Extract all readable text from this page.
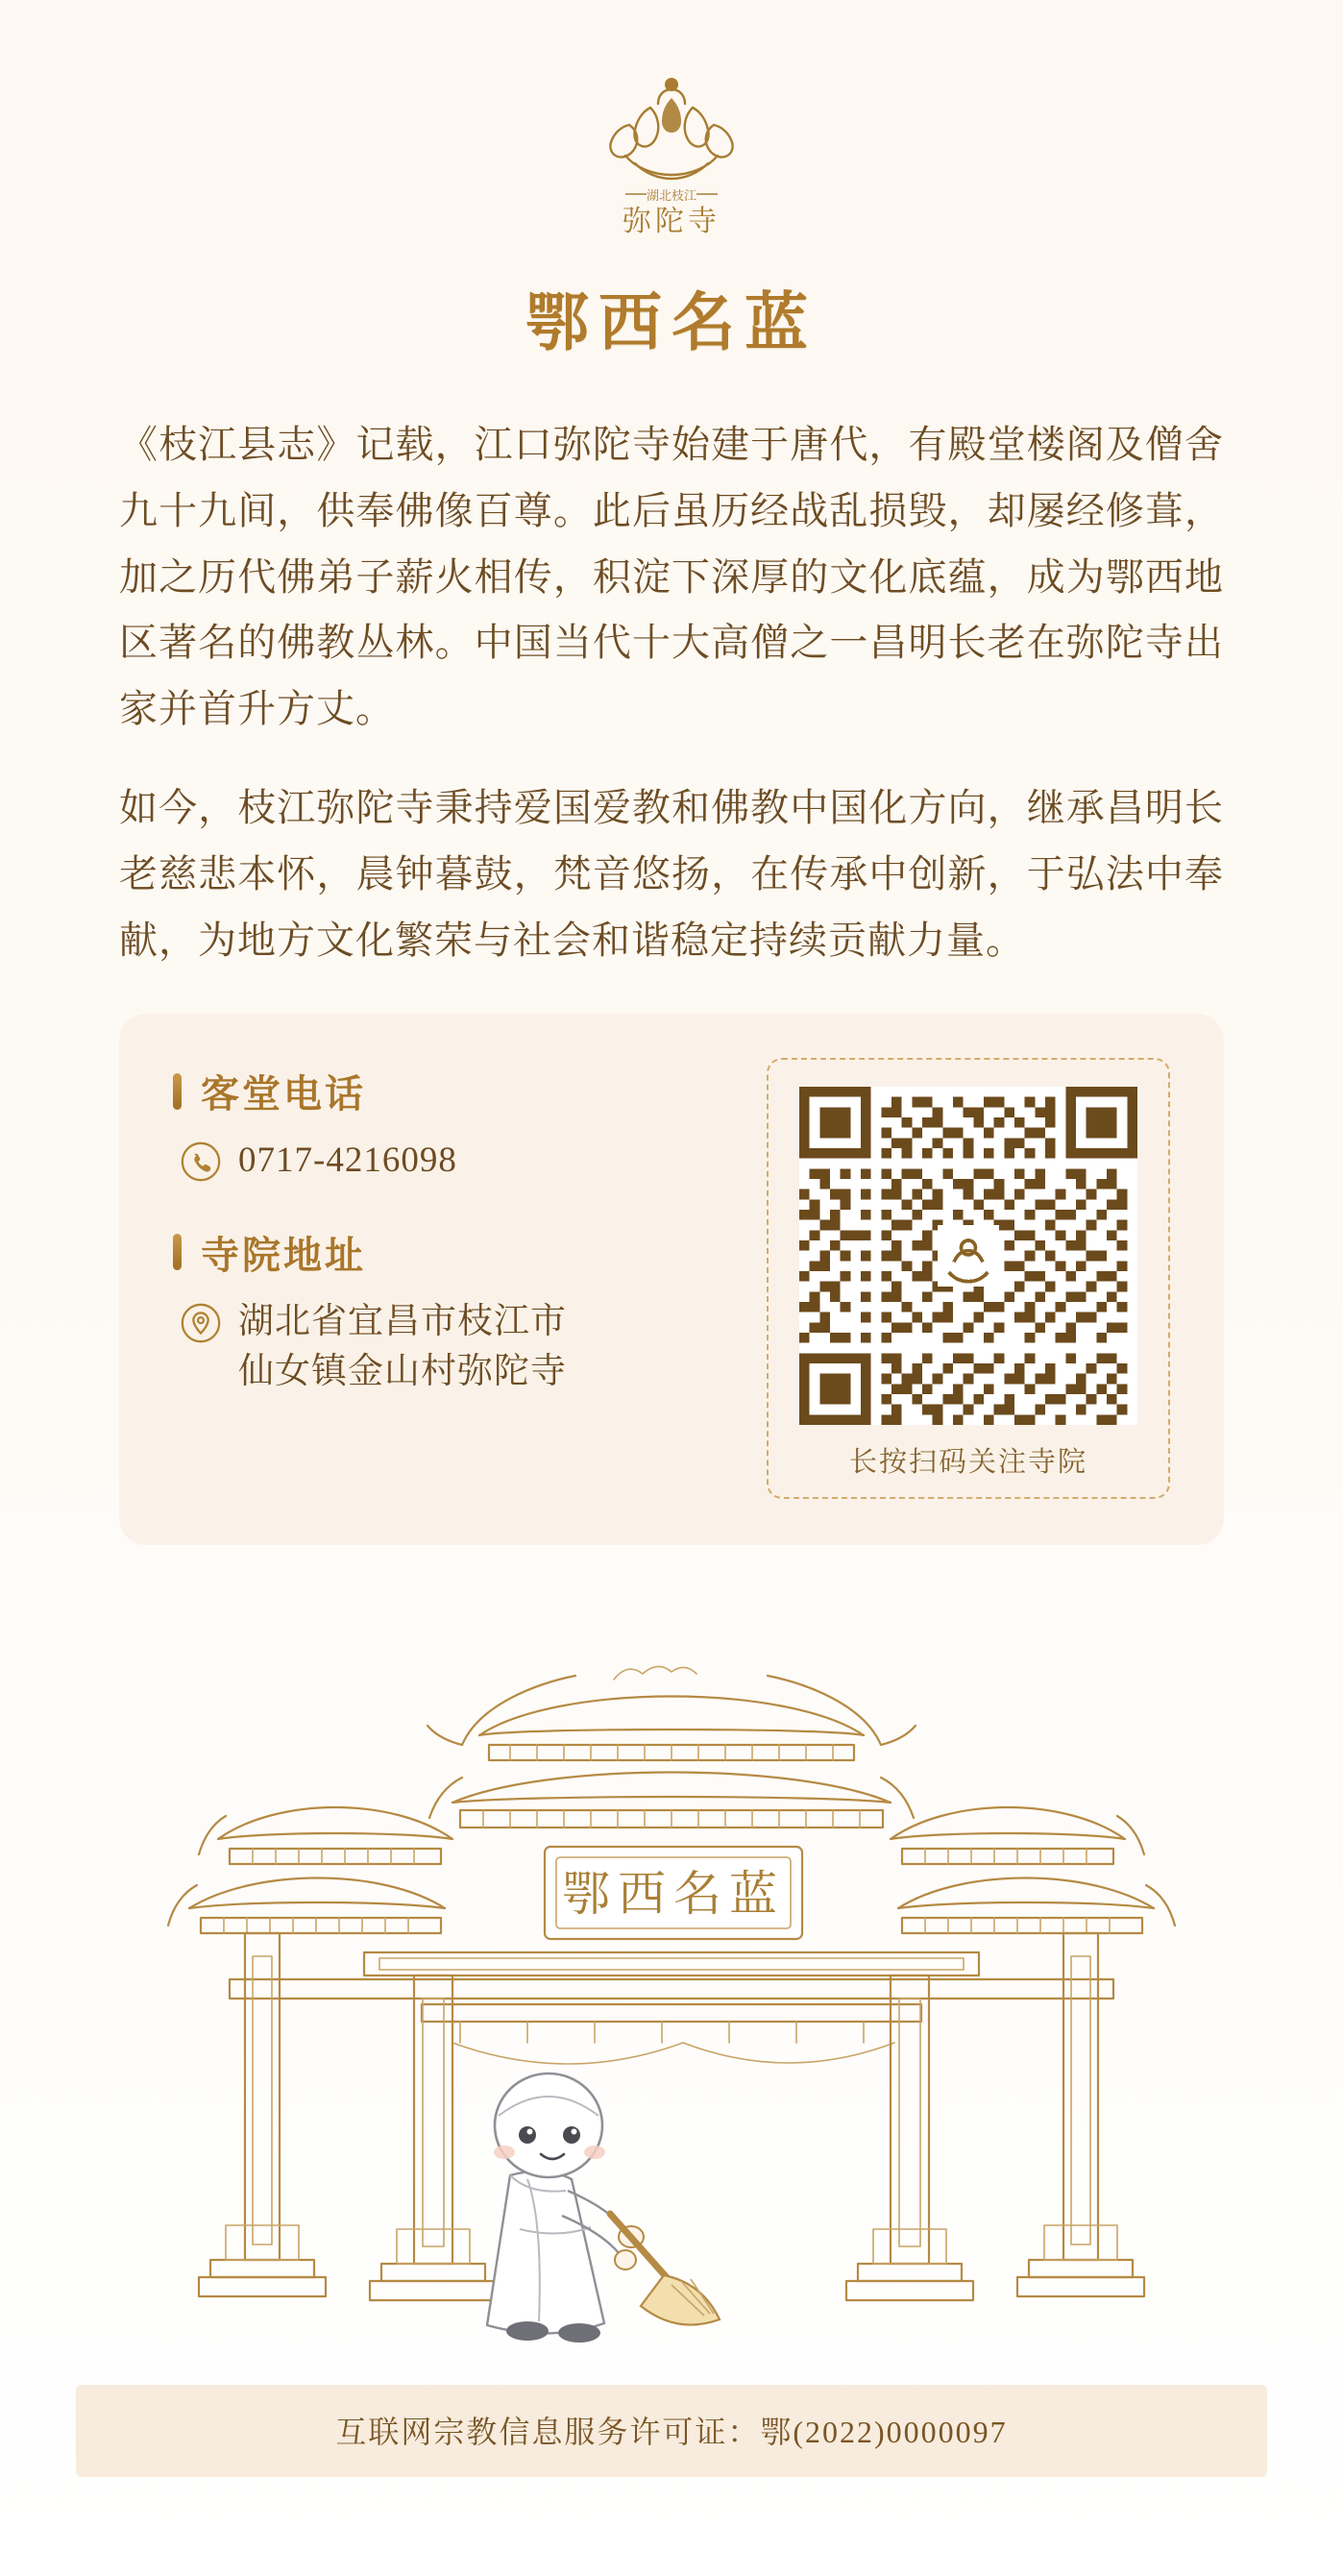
湖北枝江
弥陀寺
鄂西名蓝

《枝江县志》记载，江口弥陀寺始建于唐代，有殿堂楼阁及僧舍九十九间，供奉佛像百尊。此后虽历经战乱损毁，却屡经修葺，加之历代佛弟子薪火相传，积淀下深厚的文化底蕴，成为鄂西地区著名的佛教丛林。中国当代十大高僧之一昌明长老在弥陀寺出家并首升方丈。

如今，枝江弥陀寺秉持爱国爱教和佛教中国化方向，继承昌明长老慈悲本怀，晨钟暮鼓，梵音悠扬，在传承中创新，于弘法中奉献，为地方文化繁荣与社会和谐稳定持续贡献力量。

客堂电话
0717-4216098
寺院地址
湖北省宜昌市枝江市
仙女镇金山村弥陀寺
长按扫码关注寺院
鄂西名蓝
互联网宗教信息服务许可证：鄂(2022)0000097
